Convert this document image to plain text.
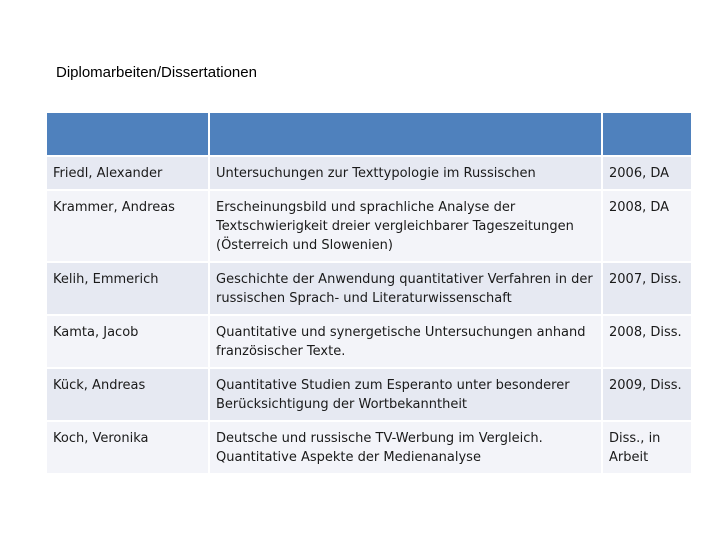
Diplomarbeiten/Dissertationen

Friedl, Alexander	Untersuchungen zur Texttypologie im Russischen	2006, DA
Krammer, Andreas	Erscheinungsbild und sprachliche Analyse der Textschwierigkeit dreier vergleichbarer Tageszeitungen (Österreich und Slowenien)	2008, DA
Kelih, Emmerich	Geschichte der Anwendung quantitativer Verfahren in der russischen Sprach- und Literaturwissenschaft	2007, Diss.
Kamta, Jacob	Quantitative und synergetische Untersuchungen anhand französischer Texte.	2008, Diss.
Kück, Andreas	Quantitative Studien zum Esperanto unter besonderer Berücksichtigung der Wortbekanntheit	2009, Diss.
Koch, Veronika	Deutsche und russische TV-Werbung im Vergleich. Quantitative Aspekte der Medienanalyse	Diss., in Arbeit
